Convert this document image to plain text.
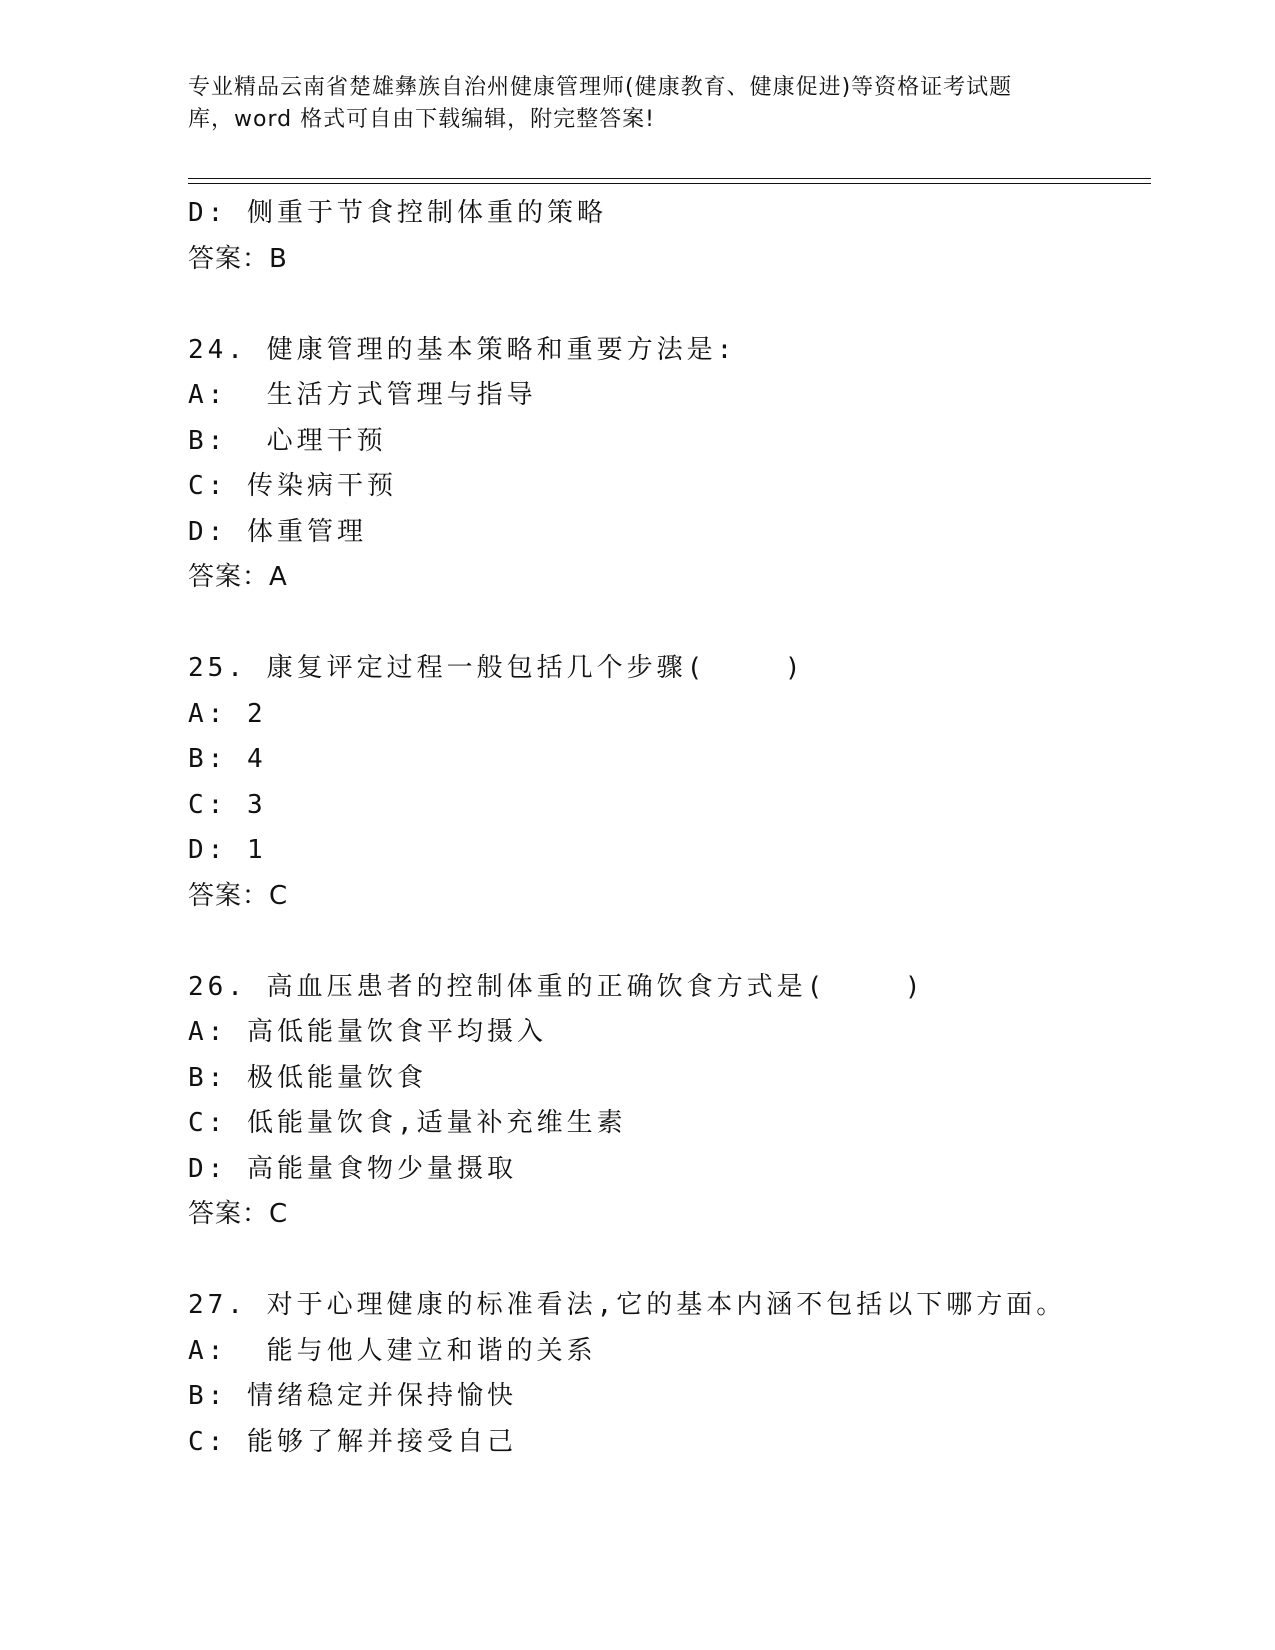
专业精品云南省楚雄彝族自治州健康管理师(健康教育、健康促进)等资格证考试题
库，word 格式可自由下载编辑，附完整答案!
D: 侧重于节食控制体重的策略
答案：B
24. 健康管理的基本策略和重要方法是:
A:  生活方式管理与指导
B:  心理干预
C: 传染病干预
D: 体重管理
答案：A
25. 康复评定过程一般包括几个步骤(    )
A: 2
B: 4
C: 3
D: 1
答案：C
26. 高血压患者的控制体重的正确饮食方式是(    )
A: 高低能量饮食平均摄入
B: 极低能量饮食
C: 低能量饮食,适量补充维生素
D: 高能量食物少量摄取
答案：C
27. 对于心理健康的标准看法,它的基本内涵不包括以下哪方面。
A:  能与他人建立和谐的关系
B: 情绪稳定并保持愉快
C: 能够了解并接受自己
